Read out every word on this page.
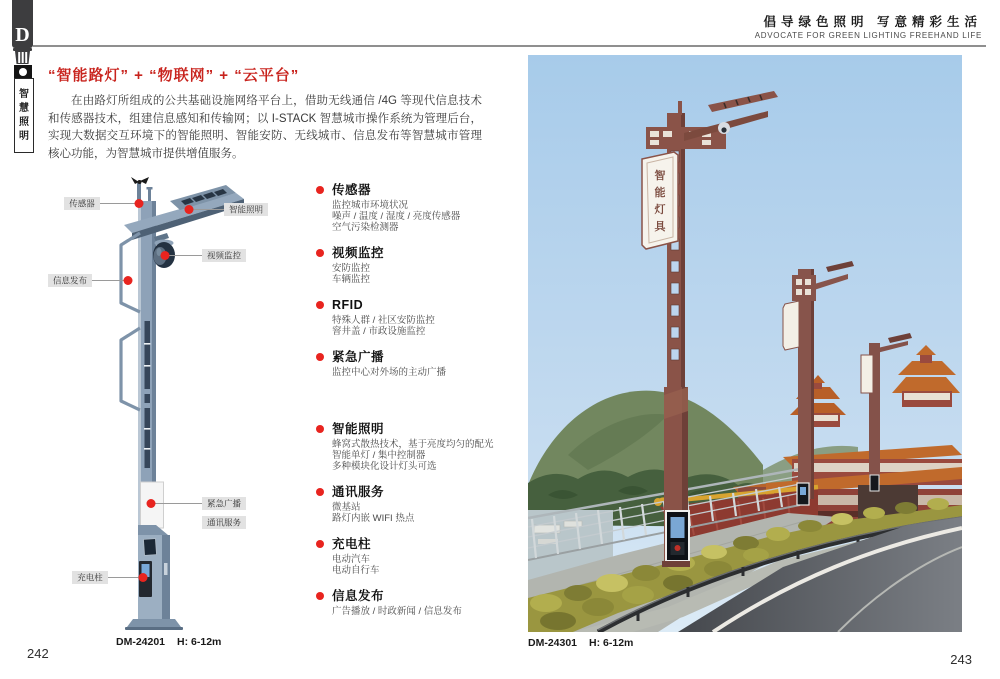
倡导绿色照明 写意精彩生活
ADVOCATE FOR GREEN LIGHTING FREEHAND LIFE
D
智
慧
照
明
“智能路灯” + “物联网” + “云平台”
在由路灯所组成的公共基础设施网络平台上，借助无线通信 /4G 等现代信息技术和传感器技术，组建信息感知和传输网；以 I-STACK 智慧城市操作系统为管理后台，实现大数据交互环境下的智能照明、智能安防、无线城市、信息发布等智慧城市管理核心功能，为智慧城市提供增值服务。
传感器
智能照明
视频监控
信息发布
紧急广播
通讯服务
充电柱
传感器
监控城市环境状况
噪声 / 温度 / 湿度 / 亮度传感器
空气污染检测器
视频监控
安防监控
车辆监控
RFID
特殊人群 / 社区安防监控
窨井盖 / 市政设施监控
紧急广播
监控中心对外场的主动广播
智能照明
蜂窝式散热技术，基于亮度均匀的配光
智能单灯 / 集中控制器
多种模块化设计灯头可选
通讯服务
微基站
路灯内嵌 WIFI 热点
充电柱
电动汽车
电动自行车
信息发布
广告播放 / 时政新闻 / 信息发布
智
能
灯
具
DM-24201 H: 6-12m	DM-24301 H: 6-12m
242	243
